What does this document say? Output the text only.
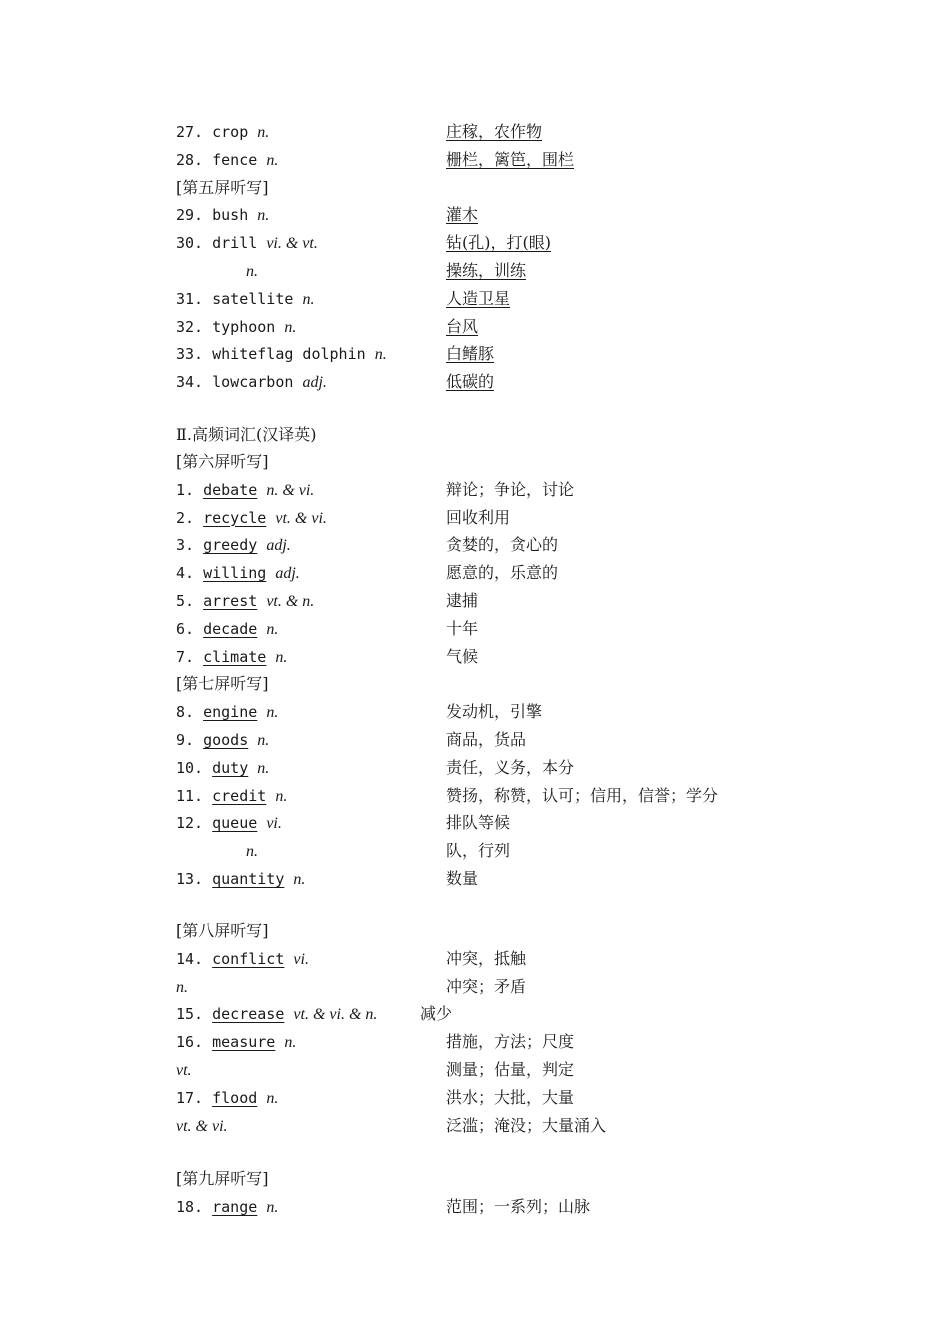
27. crop n.	庄稼，农作物
28. fence n.	栅栏，篱笆，围栏
[第五屏听写]
29. bush n.	灌木
30. drill vi. & vt.	钻(孔)，打(眼)
n.	操练，训练
31. satellite n.	人造卫星
32. typhoon n.	台风
33. whiteflag dolphin n.	白鳍豚
34. lowcarbon adj.	低碳的
Ⅱ.高频词汇(汉译英)
[第六屏听写]
1. debate n. & vi.	辩论；争论，讨论
2. recycle vt. & vi.	回收利用
3. greedy adj.	贪婪的，贪心的
4. willing adj.	愿意的，乐意的
5. arrest vt. & n.	逮捕
6. decade n.	十年
7. climate n.	气候
[第七屏听写]
8. engine n.	发动机，引擎
9. goods n.	商品，货品
10. duty n.	责任，义务，本分
11. credit n.	赞扬，称赞，认可；信用，信誉；学分
12. queue vi.	排队等候
n.	队，行列
13. quantity n.	数量
[第八屏听写]
14. conflict vi.	冲突，抵触
n.	冲突；矛盾
15. decrease vt. & vi. & n.	减少
16. measure n.	措施，方法；尺度
vt.	测量；估量，判定
17. flood n.	洪水；大批，大量
vt. & vi.	泛滥；淹没；大量涌入
[第九屏听写]
18. range n.	范围；一系列；山脉
